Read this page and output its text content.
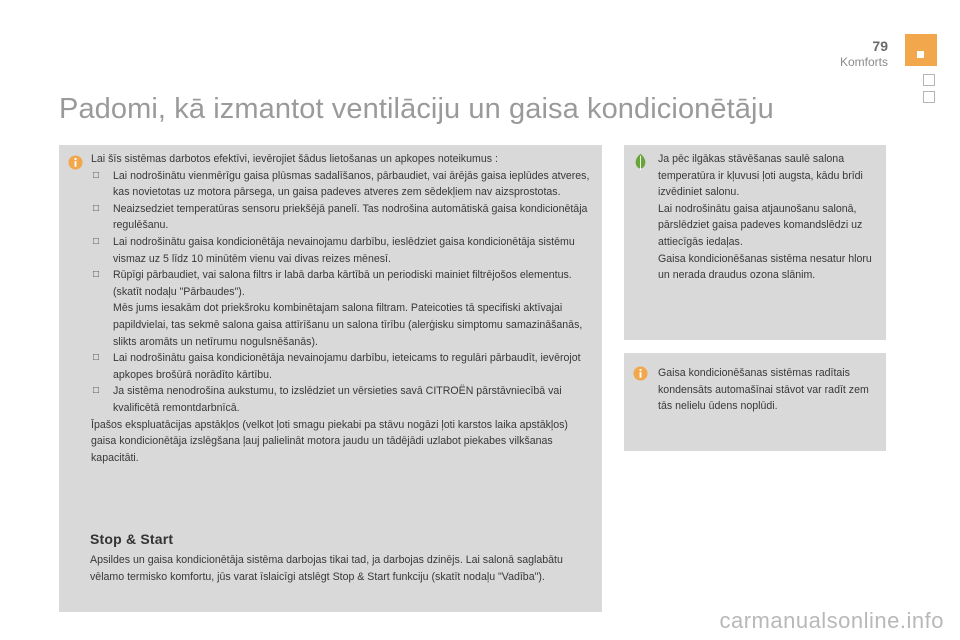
79
Komforts
Padomi, kā izmantot ventilāciju un gaisa kondicionētāju

Lai šīs sistēmas darbotos efektīvi, ievērojiet šādus lietošanas un apkopes noteikumus :

□ Lai nodrošinātu vienmērīgu gaisa plūsmas sadalīšanos, pārbaudiet, vai ārējās gaisa ieplūdes atveres, kas novietotas uz motora pārsega, un gaisa padeves atveres zem sēdekļiem nav aizsprostotas.
□ Neaizsedziet temperatūras sensoru priekšējā panelī. Tas nodrošina automātiskā gaisa kondicionētāja regulēšanu.
□ Lai nodrošinātu gaisa kondicionētāja nevainojamu darbību, ieslēdziet gaisa kondicionētāja sistēmu vismaz uz 5 līdz 10 minūtēm vienu vai divas reizes mēnesī.
□ Rūpīgi pārbaudiet, vai salona filtrs ir labā darba kārtībā un periodiski mainiet filtrējošos elementus. (skatīt nodaļu "Pārbaudes").

Mēs jums iesakām dot priekšroku kombinētajam salona filtram. Pateicoties tā specifiski aktīvajai papildvielai, tas sekmē salona gaisa attīrīšanu un salona tīrību (alerģisku simptomu samazināšanās, slikts aromāts un netīrumu nogulsnēšanās).

□ Lai nodrošinātu gaisa kondicionētāja nevainojamu darbību, ieteicams to regulāri pārbaudīt, ievērojot apkopes brošūrā norādīto kārtību.
□ Ja sistēma nenodrošina aukstumu, to izslēdziet un vērsieties savā CITROËN pārstāvniecībā vai kvalificētā remontdarbnīcā.

Īpašos ekspluatācijas apstākļos (velkot ļoti smagu piekabi pa stāvu nogāzi ļoti karstos laika apstākļos) gaisa kondicionētāja izslēgšana ļauj palielināt motora jaudu un tādējādi uzlabot piekabes vilkšanas kapacitāti.

Stop & Start

Apsildes un gaisa kondicionētāja sistēma darbojas tikai tad, ja darbojas dzinējs. Lai salonā saglabātu vēlamo termisko komfortu, jūs varat īslaicīgi atslēgt Stop & Start funkciju (skatīt nodaļu "Vadība").

Ja pēc ilgākas stāvēšanas saulē salona temperatūra ir kļuvusi ļoti augsta, kādu brīdi izvēdiniet salonu.

Lai nodrošinātu gaisa atjaunošanu salonā, pārslēdziet gaisa padeves komandslēdzi uz attiecīgās iedaļas.

Gaisa kondicionēšanas sistēma nesatur hloru un nerada draudus ozona slānim.

Gaisa kondicionēšanas sistēmas radītais kondensāts automašīnai stāvot var radīt zem tās nelielu ūdens noplūdi.

carmanualsonline.info
